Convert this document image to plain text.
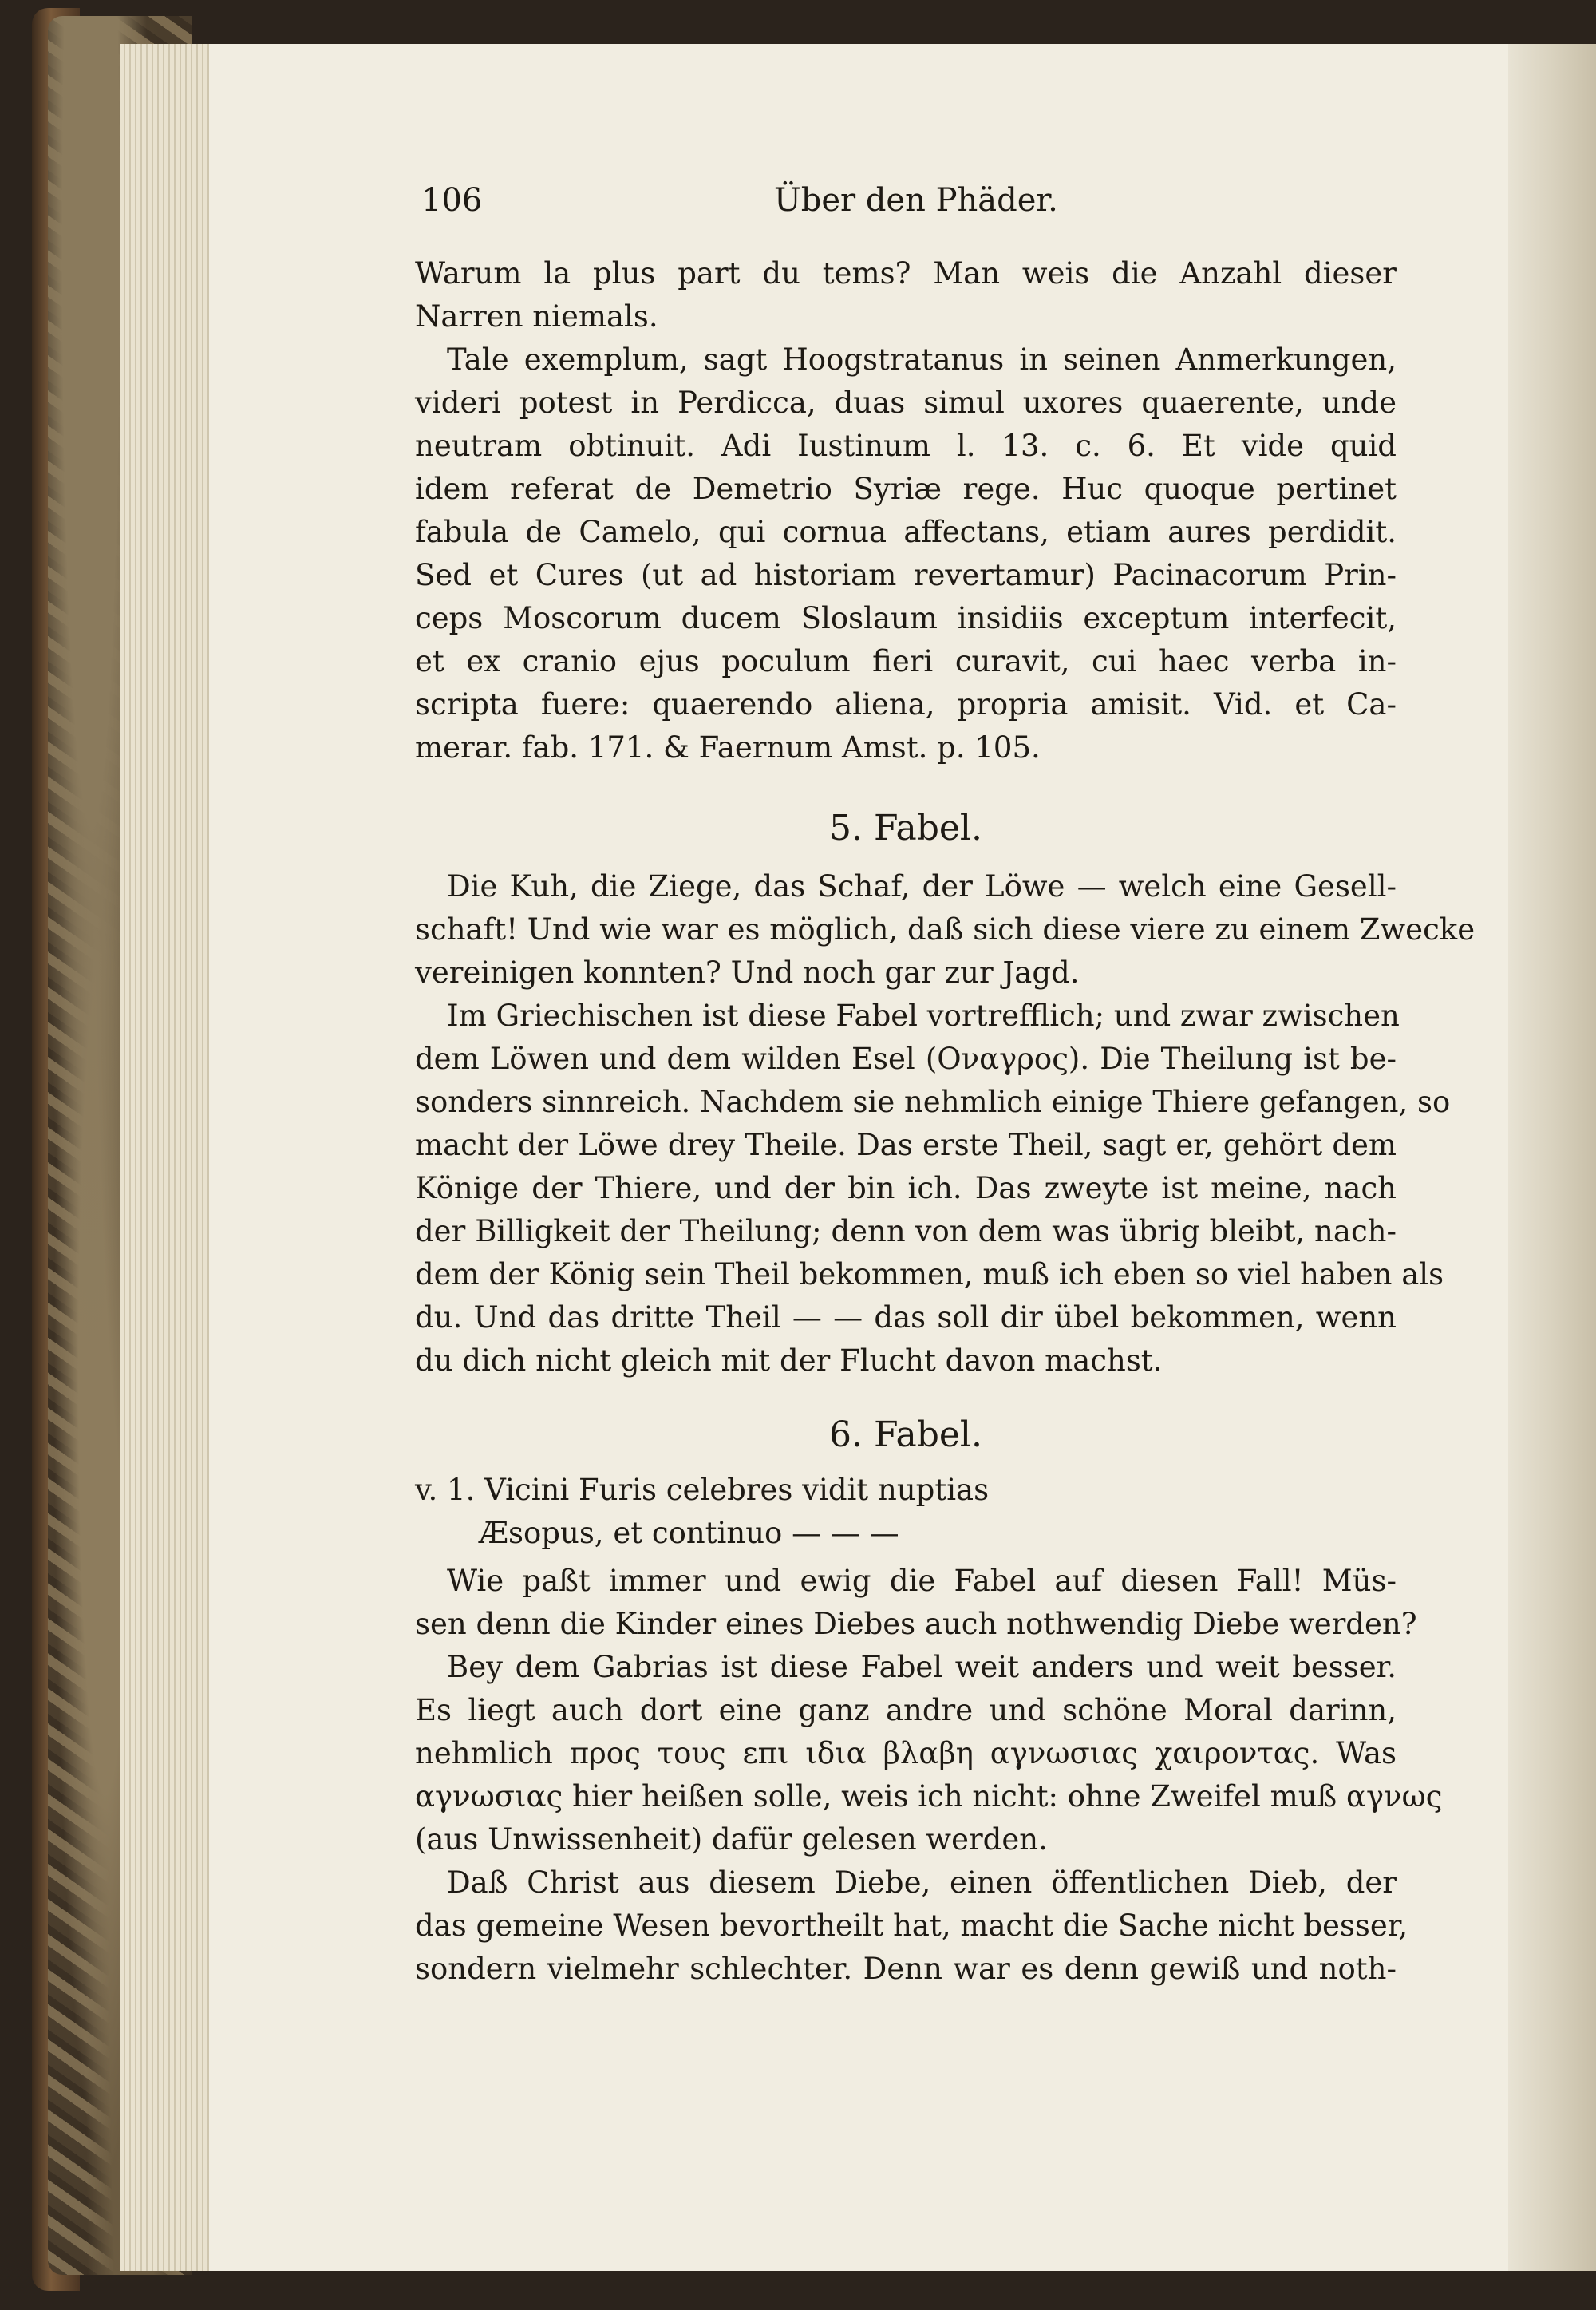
106	Über den Phäder.
Warum la plus part du tems? Man weis die Anzahl dieser
Narren niemals.
Tale exemplum, sagt Hoogstratanus in seinen Anmerkungen,
videri potest in Perdicca, duas simul uxores quaerente, unde
neutram obtinuit. Adi Iustinum l. 13. c. 6. Et vide quid
idem referat de Demetrio Syriæ rege. Huc quoque pertinet
fabula de Camelo, qui cornua affectans, etiam aures perdidit.
Sed et Cures (ut ad historiam revertamur) Pacinacorum Prin-
ceps Moscorum ducem Sloslaum insidiis exceptum interfecit,
et ex cranio ejus poculum fieri curavit, cui haec verba in-
scripta fuere: quaerendo aliena, propria amisit. Vid. et Ca-
merar. fab. 171. & Faernum Amst. p. 105.
5. Fabel.
Die Kuh, die Ziege, das Schaf, der Löwe — welch eine Gesell-
schaft! Und wie war es möglich, daß sich diese viere zu einem Zwecke
vereinigen konnten? Und noch gar zur Jagd.
Im Griechischen ist diese Fabel vortrefflich; und zwar zwischen
dem Löwen und dem wilden Esel (Οναγρος). Die Theilung ist be-
sonders sinnreich. Nachdem sie nehmlich einige Thiere gefangen, so
macht der Löwe drey Theile. Das erste Theil, sagt er, gehört dem
Könige der Thiere, und der bin ich. Das zweyte ist meine, nach
der Billigkeit der Theilung; denn von dem was übrig bleibt, nach-
dem der König sein Theil bekommen, muß ich eben so viel haben als
du. Und das dritte Theil — — das soll dir übel bekommen, wenn
du dich nicht gleich mit der Flucht davon machst.
6. Fabel.
v. 1. Vicini Furis celebres vidit nuptias
Æsopus, et continuo — — —
Wie paßt immer und ewig die Fabel auf diesen Fall! Müs-
sen denn die Kinder eines Diebes auch nothwendig Diebe werden?
Bey dem Gabrias ist diese Fabel weit anders und weit besser.
Es liegt auch dort eine ganz andre und schöne Moral darinn,
nehmlich προς τους επι ιδια βλαβη αγνωσιας χαιροντας. Was
αγνωσιας hier heißen solle, weis ich nicht: ohne Zweifel muß αγνως
(aus Unwissenheit) dafür gelesen werden.
Daß Christ aus diesem Diebe, einen öffentlichen Dieb, der
das gemeine Wesen bevortheilt hat, macht die Sache nicht besser,
sondern vielmehr schlechter. Denn war es denn gewiß und noth-
